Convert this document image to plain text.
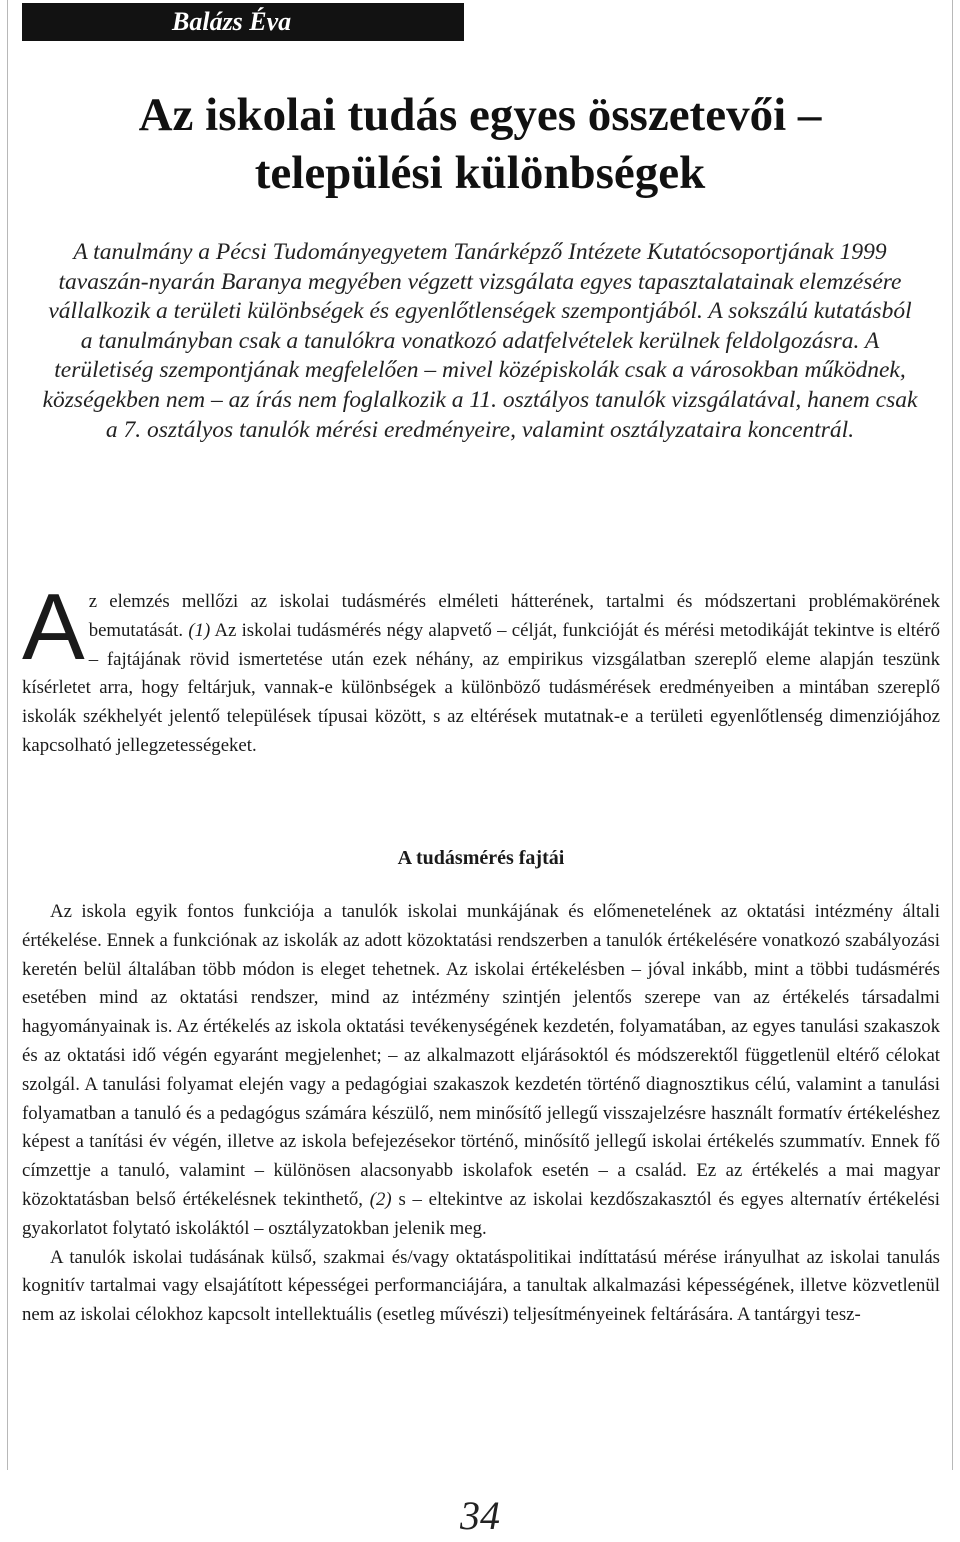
Balázs Éva
Az iskolai tudás egyes összetevői –
települési különbségek

A tanulmány a Pécsi Tudományegyetem Tanárképző Intézete Kutatócsoportjának 1999 tavaszán-nyarán Baranya megyében végzett vizsgálata egyes tapasztalatainak elemzésére vállalkozik a területi különbségek és egyenlőtlenségek szempontjából. A sokszálú kutatásból a tanulmányban csak a tanulókra vonatkozó adatfelvételek kerülnek feldolgozásra. A területiség szempontjának megfelelően – mivel középiskolák csak a városokban működnek, községekben nem – az írás nem foglalkozik a 11. osztályos tanulók vizsgálatával, hanem csak a 7. osztályos tanulók mérési eredményeire, valamint osztályzataira koncentrál.

Az elemzés mellőzi az iskolai tudásmérés elméleti hátterének, tartalmi és módszertani problémakörének bemutatását. (1) Az iskolai tudásmérés négy alapvető – célját, funkcióját és mérési metodikáját tekintve is eltérő – fajtájának rövid ismertetése után ezek néhány, az empirikus vizsgálatban szereplő eleme alapján teszünk kísérletet arra, hogy feltárjuk, vannak-e különbségek a különböző tudásmérések eredményeiben a mintában szereplő iskolák székhelyét jelentő települések típusai között, s az eltérések mutatnak-e a területi egyenlőtlenség dimenziójához kapcsolható jellegzetességeket.

A tudásmérés fajtái

Az iskola egyik fontos funkciója a tanulók iskolai munkájának és előmenetelének az oktatási intézmény általi értékelése. Ennek a funkciónak az iskolák az adott közoktatási rendszerben a tanulók értékelésére vonatkozó szabályozási keretén belül általában több módon is eleget tehetnek. Az iskolai értékelésben – jóval inkább, mint a többi tudásmérés esetében mind az oktatási rendszer, mind az intézmény szintjén jelentős szerepe van az értékelés társadalmi hagyományainak is. Az értékelés az iskola oktatási tevékenységének kezdetén, folyamatában, az egyes tanulási szakaszok és az oktatási idő végén egyaránt megjelenhet; – az alkalmazott eljárásoktól és módszerektől függetlenül eltérő célokat szolgál. A tanulási folyamat elején vagy a pedagógiai szakaszok kezdetén történő diagnosztikus célú, valamint a tanulási folyamatban a tanuló és a pedagógus számára készülő, nem minősítő jellegű visszajelzésre használt formatív értékeléshez képest a tanítási év végén, illetve az iskola befejezésekor történő, minősítő jellegű iskolai értékelés szummatív. Ennek fő címzettje a tanuló, valamint – különösen alacsonyabb iskolafok esetén – a család. Ez az értékelés a mai magyar közoktatásban belső értékelésnek tekinthető, (2) s – eltekintve az iskolai kezdőszakasztól és egyes alternatív értékelési gyakorlatot folytató iskoláktól – osztályzatokban jelenik meg.

A tanulók iskolai tudásának külső, szakmai és/vagy oktatáspolitikai indíttatású mérése irányulhat az iskolai tanulás kognitív tartalmai vagy elsajátított képességei performanciájára, a tanultak alkalmazási képességének, illetve közvetlenül nem az iskolai célokhoz kapcsolt intellektuális (esetleg művészi) teljesítményeinek feltárására. A tantárgyi tesz-

34
